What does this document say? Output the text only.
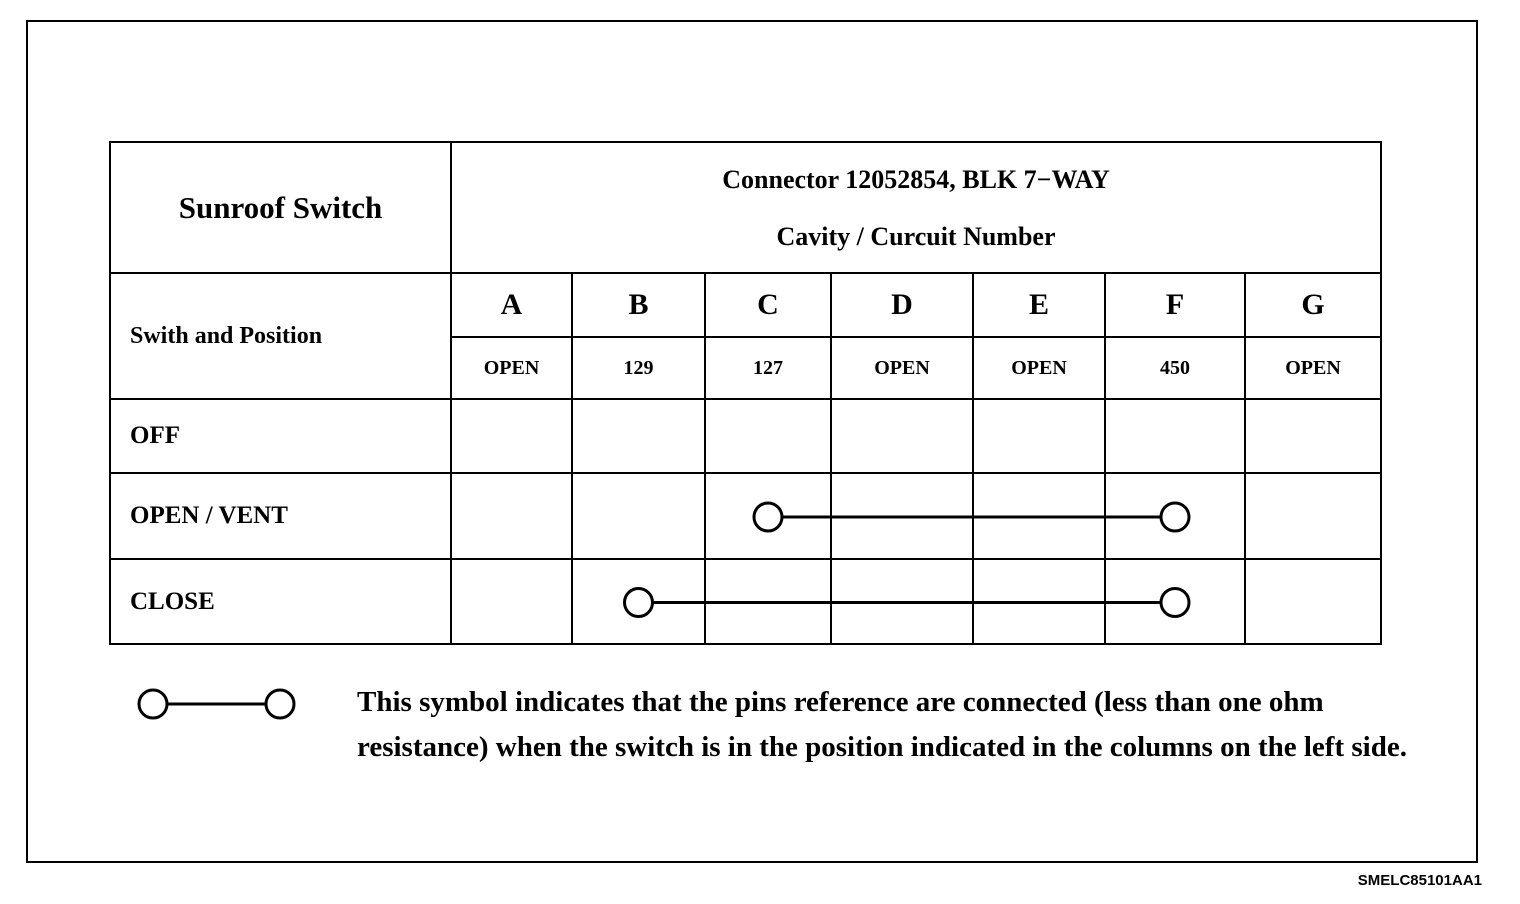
Sunroof Switch	Connector 12052854, BLK 7−WAY
Cavity / Curcuit Number						

Swith and Position	A	B	C	D	E	F	G
	OPEN	129	127	OPEN	OPEN	450	OPEN
OFF							
OPEN / VENT							
CLOSE							
This symbol indicates that the pins reference are connected (less than one ohm resistance) when the switch is in the position indicated in the columns on the left side.
SMELC85101AA1
